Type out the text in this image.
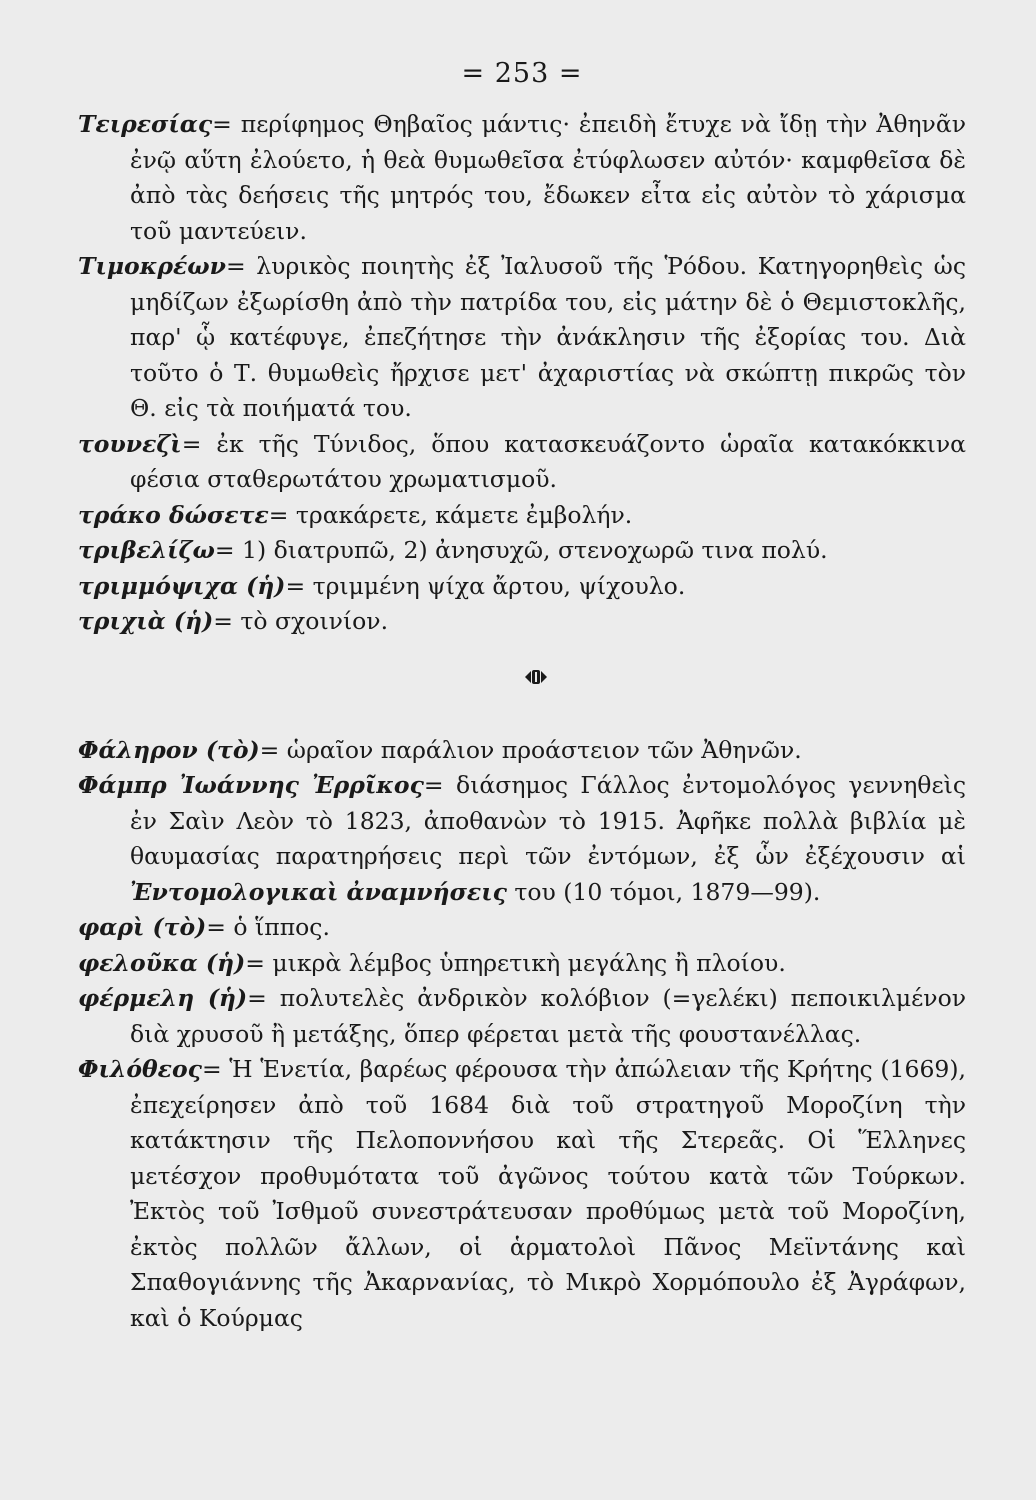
= 253 =

Τειρεσίας= περίφημος Θηβαῖος μάντις· ἐπειδὴ ἔτυχε νὰ ἴδῃ τὴν Ἀθηνᾶν ἐνῷ αὕτη ἐλούετο, ἡ θεὰ θυμωθεῖσα ἐτύφλωσεν αὐτόν· καμφθεῖσα δὲ ἀπὸ τὰς δεήσεις τῆς μητρός του, ἔδωκεν εἶτα εἰς αὐτὸν τὸ χάρισμα τοῦ μαντεύειν.

Τιμοκρέων= λυρικὸς ποιητὴς ἐξ Ἰαλυσοῦ τῆς Ῥόδου. Κατηγορηθεὶς ὡς μηδίζων ἐξωρίσθη ἀπὸ τὴν πατρίδα του, εἰς μάτην δὲ ὁ Θεμιστοκλῆς, παρ' ᾧ κατέφυγε, ἐπεζήτησε τὴν ἀνάκλησιν τῆς ἐξορίας του. Διὰ τοῦτο ὁ Τ. θυμωθεὶς ἤρχισε μετ' ἀχαριστίας νὰ σκώπτῃ πικρῶς τὸν Θ. εἰς τὰ ποιήματά του.

τουνεζὶ= ἐκ τῆς Τύνιδος, ὅπου κατασκευάζοντο ὡραῖα κατακόκκινα φέσια σταθερωτάτου χρωματισμοῦ.

τράκο δώσετε= τρακάρετε, κάμετε ἐμβολήν.

τριβελίζω= 1) διατρυπῶ, 2) ἀνησυχῶ, στενοχωρῶ τινα πολύ.

τριμμόψιχα (ἡ)= τριμμένη ψίχα ἄρτου, ψίχουλο.

τριχιὰ (ἡ)= τὸ σχοινίον.

Φάληρον (τὸ)= ὡραῖον παράλιον προάστειον τῶν Ἀθηνῶν.

Φάμπρ Ἰωάννης Ἐρρῖκος= διάσημος Γάλλος ἐντομολόγος γεννηθεὶς ἐν Σαὶν Λεὸν τὸ 1823, ἀποθανὼν τὸ 1915. Ἀφῆκε πολλὰ βιβλία μὲ θαυμασίας παρατηρήσεις περὶ τῶν ἐντόμων, ἐξ ὧν ἐξέχουσιν αἱ Ἐντομολογικαὶ ἀναμνήσεις του (10 τόμοι, 1879—99).

φαρὶ (τὸ)= ὁ ἵππος.

φελοῦκα (ἡ)= μικρὰ λέμβος ὑπηρετικὴ μεγάλης ἢ πλοίου.

φέρμελη (ἡ)= πολυτελὲς ἀνδρικὸν κολόβιον (=γελέκι) πεποικιλμένον διὰ χρυσοῦ ἢ μετάξης, ὅπερ φέρεται μετὰ τῆς φουστανέλλας.

Φιλόθεος= Ἡ Ἑνετία, βαρέως φέρουσα τὴν ἀπώλειαν τῆς Κρήτης (1669), ἐπεχείρησεν ἀπὸ τοῦ 1684 διὰ τοῦ στρατηγοῦ Μοροζίνη τὴν κατάκτησιν τῆς Πελοποννήσου καὶ τῆς Στερεᾶς. Οἱ Ἕλληνες μετέσχον προθυμότατα τοῦ ἀγῶνος τούτου κατὰ τῶν Τούρκων. Ἐκτὸς τοῦ Ἰσθμοῦ συνεστράτευσαν προθύμως μετὰ τοῦ Μοροζίνη, ἐκτὸς πολλῶν ἄλλων, οἱ ἁρματολοὶ Πᾶνος Μεϊντάνης καὶ Σπαθογιάννης τῆς Ἀκαρνανίας, τὸ Μικρὸ Χορμόπουλο ἐξ Ἀγράφων, καὶ ὁ Κούρμας
